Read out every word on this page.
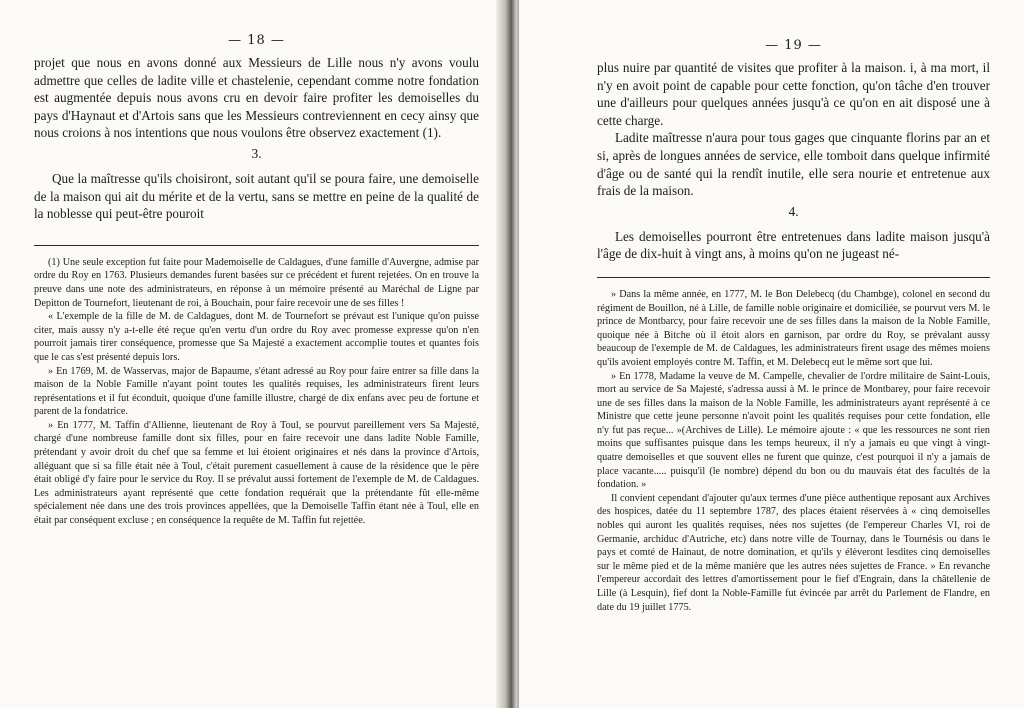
— 18 —

projet que nous en avons donné aux Messieurs de Lille nous n'y avons voulu admettre que celles de ladite ville et chastelenie, cependant comme notre fondation est augmentée depuis nous avons cru en devoir faire profiter les demoiselles du pays d'Haynaut et d'Artois sans que les Messieurs contreviennent en cecy ainsy que nous croions à nos intentions que nous voulons être observez exactement (1).

3.

Que la maîtresse qu'ils choisiront, soit autant qu'il se poura faire, une demoiselle de la maison qui ait du mérite et de la vertu, sans se mettre en peine de la qualité de la noblesse qui peut-être pouroit

(1) Une seule exception fut faite pour Mademoiselle de Caldagues, d'une famille d'Auvergne, admise par ordre du Roy en 1763. Plusieurs demandes furent basées sur ce précédent et furent rejetées. On en trouve la preuve dans une note des administrateurs, en réponse à un mémoire présenté au Maréchal de Ligne par Depitton de Tournefort, lieutenant de roi, à Bouchain, pour faire recevoir une de ses filles !

« L'exemple de la fille de M. de Caldagues, dont M. de Tournefort se prévaut est l'unique qu'on puisse citer, mais aussy n'y a-t-elle été reçue qu'en vertu d'un ordre du Roy avec promesse expresse qu'on n'en pourroit jamais tirer conséquence, promesse que Sa Majesté a exactement accomplie toutes et quantes fois que le cas s'est présenté depuis lors.

» En 1769, M. de Wasservas, major de Bapaume, s'étant adressé au Roy pour faire entrer sa fille dans la maison de la Noble Famille n'ayant point toutes les qualités requises, les administrateurs firent leurs représentations et il fut éconduit, quoique d'une famille illustre, chargé de dix enfans avec peu de fortune et parent de la fondatrice.

» En 1777, M. Taffin d'Allienne, lieutenant de Roy à Toul, se pourvut pareillement vers Sa Majesté, chargé d'une nombreuse famille dont six filles, pour en faire recevoir une dans ladite Noble Famille, prétendant y avoir droit du chef que sa femme et lui étoient originaires et nés dans la province d'Artois, alléguant que si sa fille était née à Toul, c'était purement casuellement à cause de la résidence que le père était obligé d'y faire pour le service du Roy. Il se prévalut aussi fortement de l'exemple de M. de Caldagues. Les administrateurs ayant représenté que cette fondation requérait que la prétendante fût elle-même spécialement née dans une des trois provinces appellées, que la Demoiselle Taffin étant née à Toul, elle en était par conséquent excluse ; en conséquence la requête de M. Taffin fut rejettée.

— 19 —

plus nuire par quantité de visites que profiter à la maison. i, à ma mort, il n'y en avoit point de capable pour cette fonction, qu'on tâche d'en trouver une d'ailleurs pour quelques années jusqu'à ce qu'on en ait disposé une à cette charge.

Ladite maîtresse n'aura pour tous gages que cinquante florins par an et si, après de longues années de service, elle tomboit dans quelque infirmité d'âge ou de santé qui la rendît inutile, elle sera nourie et entretenue aux frais de la maison.

4.

Les demoiselles pourront être entretenues dans ladite maison jusqu'à l'âge de dix-huit à vingt ans, à moins qu'on ne jugeast né-

» Dans la même année, en 1777, M. le Bon Delebecq (du Chambge), colonel en second du régiment de Bouillon, né à Lille, de famille noble originaire et domiciliée, se pourvut vers M. le prince de Montbarcy, pour faire recevoir une de ses filles dans la maison de la Noble Famille, quoique née à Bitche où il étoit alors en garnison, par ordre du Roy, se prévalant aussy beaucoup de l'exemple de M. de Caldagues, les administrateurs firent usage des mêmes moiens qu'ils avoient employés contre M. Taffin, et M. Delebecq eut le même sort que lui.

» En 1778, Madame la veuve de M. Campelle, chevalier de l'ordre militaire de Saint-Louis, mort au service de Sa Majesté, s'adressa aussi à M. le prince de Montbarey, pour faire recevoir une de ses filles dans la maison de la Noble Famille, les administrateurs ayant représenté à ce Ministre que cette jeune personne n'avoit point les qualités requises pour cette fondation, elle n'y fut pas reçue... »(Archives de Lille). Le mémoire ajoute : « que les ressources ne sont rien moins que suffisantes puisque dans les temps heureux, il n'y a jamais eu que vingt à vingt-quatre demoiselles et que souvent elles ne furent que quinze, c'est pourquoi il n'y a jamais de place vacante..... puisqu'il (le nombre) dépend du bon ou du mauvais état des facultés de la fondation. »

Il convient cependant d'ajouter qu'aux termes d'une pièce authentique reposant aux Archives des hospices, datée du 11 septembre 1787, des places étaient réservées à « cinq demoiselles nobles qui auront les qualités requises, nées nos sujettes (de l'empereur Charles VI, roi de Germanie, archiduc d'Autriche, etc) dans notre ville de Tournay, dans le Tournésis ou dans le pays et comté de Hainaut, de notre domination, et qu'ils y élèveront lesdites cinq demoiselles sur le même pied et de la même manière que les autres nées sujettes de France. » En revanche l'empereur accordait des lettres d'amortissement pour le fief d'Engrain, dans la châtellenie de Lille (à Lesquin), fief dont la Noble-Famille fut évincée par arrêt du Parlement de Flandre, en date du 19 juillet 1775.
